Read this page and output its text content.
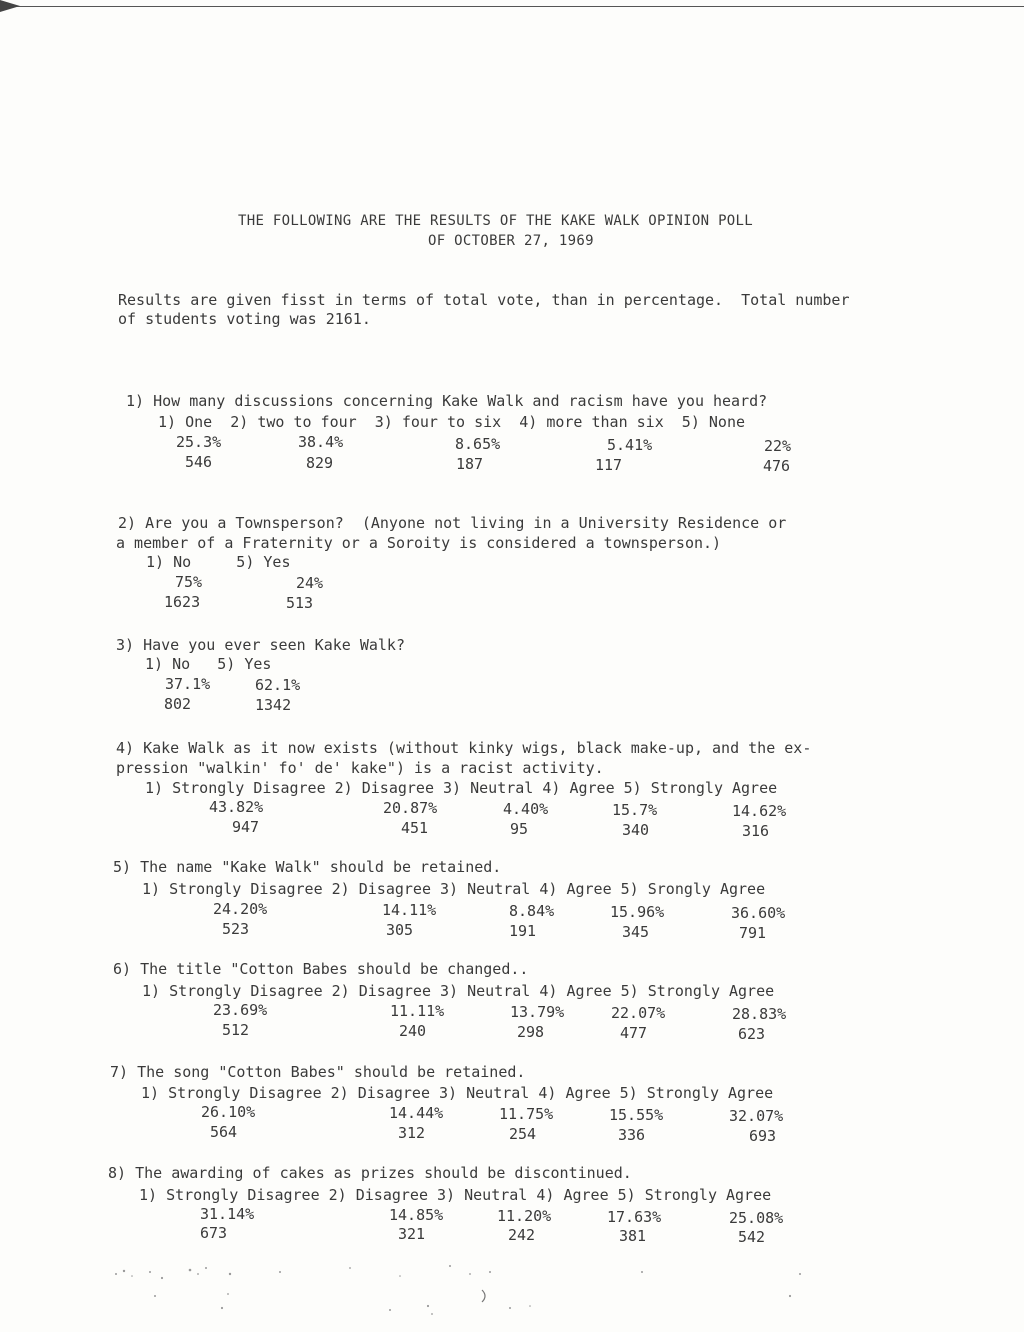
THE FOLLOWING ARE THE RESULTS OF THE KAKE WALK OPINION POLL
OF OCTOBER 27, 1969
Results are given fisst in terms of total vote, than in percentage.  Total number
of students voting was 2161.
1) How many discussions concerning Kake Walk and racism have you heard?
1) One  2) two to four  3) four to six  4) more than six  5) None
25.3%	38.4%	8.65%	5.41%	22%
546	829	187	117	476
2) Are you a Townsperson?  (Anyone not living in a University Residence or
a member of a Fraternity or a Soroity is considered a townsperson.)
1) No     5) Yes
75%	24%
1623	513
3) Have you ever seen Kake Walk?
1) No   5) Yes
37.1%	62.1%
802	1342
4) Kake Walk as it now exists (without kinky wigs, black make-up, and the ex-
pression "walkin' fo' de' kake") is a racist activity.
1) Strongly Disagree 2) Disagree 3) Neutral 4) Agree 5) Strongly Agree
43.82%	20.87%	4.40%	15.7%	14.62%
947	451	95	340	316
5) The name "Kake Walk" should be retained.
1) Strongly Disagree 2) Disagree 3) Neutral 4) Agree 5) Srongly Agree
24.20%	14.11%	8.84%	15.96%	36.60%
523	305	191	345	791
6) The title "Cotton Babes should be changed..
1) Strongly Disagree 2) Disagree 3) Neutral 4) Agree 5) Strongly Agree
23.69%	11.11%	13.79%	22.07%	28.83%
512	240	298	477	623
7) The song "Cotton Babes" should be retained.
1) Strongly Disagree 2) Disagree 3) Neutral 4) Agree 5) Strongly Agree
26.10%	14.44%	11.75%	15.55%	32.07%
564	312	254	336	693
8) The awarding of cakes as prizes should be discontinued.
1) Strongly Disagree 2) Disagree 3) Neutral 4) Agree 5) Strongly Agree
31.14%	14.85%	11.20%	17.63%	25.08%
673	321	242	381	542
